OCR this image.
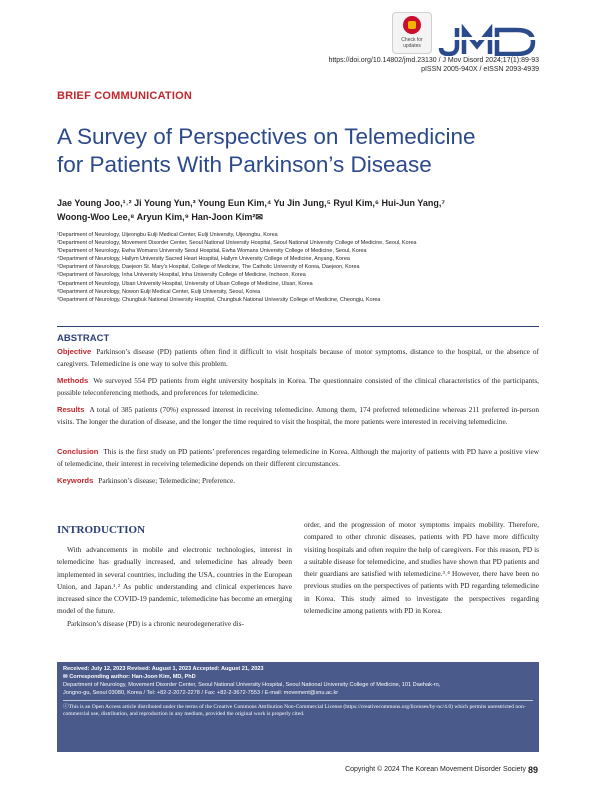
Check for updates
JMD
https://doi.org/10.14802/jmd.23130 / J Mov Disord 2024;17(1):89-93
pISSN 2005-940X / eISSN 2093-4939
BRIEF COMMUNICATION
A Survey of Perspectives on Telemedicine
for Patients With Parkinson’s Disease
Jae Young Joo,¹˒² Ji Young Yun,³ Young Eun Kim,⁴ Yu Jin Jung,⁵ Ryul Kim,⁶ Hui-Jun Yang,⁷
Woong-Woo Lee,⁸ Aryun Kim,⁹ Han-Joon Kim²✉
¹Department of Neurology, Uijeongbu Eulji Medical Center, Eulji University, Uijeongbu, Korea
²Department of Neurology, Movement Disorder Center, Seoul National University Hospital, Seoul National University College of Medicine, Seoul, Korea
³Department of Neurology, Ewha Womans University Seoul Hospital, Ewha Womans University College of Medicine, Seoul, Korea
⁴Department of Neurology, Hallym University Sacred Heart Hospital, Hallym University College of Medicine, Anyang, Korea
⁵Department of Neurology, Daejeon St. Mary’s Hospital, College of Medicine, The Catholic University of Korea, Daejeon, Korea
⁶Department of Neurology, Inha University Hospital, Inha University College of Medicine, Incheon, Korea
⁷Department of Neurology, Ulsan University Hospital, University of Ulsan College of Medicine, Ulsan, Korea
⁸Department of Neurology, Nowon Eulji Medical Center, Eulji University, Seoul, Korea
⁹Department of Neurology, Chungbuk National University Hospital, Chungbuk National University College of Medicine, Cheongju, Korea
ABSTRACT
Objective Parkinson’s disease (PD) patients often find it difficult to visit hospitals because of motor symptoms, distance to the hospital, or the absence of caregivers. Telemedicine is one way to solve this problem.
Methods We surveyed 554 PD patients from eight university hospitals in Korea. The questionnaire consisted of the clinical characteristics of the participants, possible teleconferencing methods, and preferences for telemedicine.
Results A total of 385 patients (70%) expressed interest in receiving telemedicine. Among them, 174 preferred telemedicine whereas 211 preferred in-person visits. The longer the duration of disease, and the longer the time required to visit the hospital, the more patients were interested in receiving telemedicine.
Conclusion This is the first study on PD patients’ preferences regarding telemedicine in Korea. Although the majority of patients with PD have a positive view of telemedicine, their interest in receiving telemedicine depends on their different circumstances.
Keywords Parkinson’s disease; Telemedicine; Preference.
INTRODUCTION

With advancements in mobile and electronic technologies, interest in telemedicine has gradually increased, and telemedicine has already been implemented in several countries, including the USA, countries in the European Union, and Japan.¹˒² As public understanding and clinical experiences have increased since the COVID-19 pandemic, telemedicine has become an emerging model of the future.

Parkinson’s disease (PD) is a chronic neurodegenerative dis-

order, and the progression of motor symptoms impairs mobility. Therefore, compared to other chronic diseases, patients with PD have more difficulty visiting hospitals and often require the help of caregivers. For this reason, PD is a suitable disease for telemedicine, and studies have shown that PD patients and their guardians are satisfied with telemedicine.³˒⁴ However, there have been no previous studies on the perspectives of patients with PD regarding telemedicine in Korea. This study aimed to investigate the perspectives regarding telemedicine among patients with PD in Korea.

Received: July 12, 2023 Revised: August 1, 2023 Accepted: August 21, 2023
✉ Corresponding author: Han-Joon Kim, MD, PhD
Department of Neurology, Movement Disorder Center, Seoul National University Hospital, Seoul National University College of Medicine, 101 Daehak-ro,
Jongno-gu, Seoul 03080, Korea / Tel: +82-2-2072-2278 / Fax: +82-2-3672-7553 / E-mail: movement@snu.ac.kr
ⓒThis is an Open Access article distributed under the terms of the Creative Commons Attribution Non-Commercial License (https://creativecommons.org/licenses/by-nc/4.0) which permits unrestricted non-commercial use, distribution, and reproduction in any medium, provided the original work is properly cited.
Copyright © 2024 The Korean Movement Disorder Society 89
